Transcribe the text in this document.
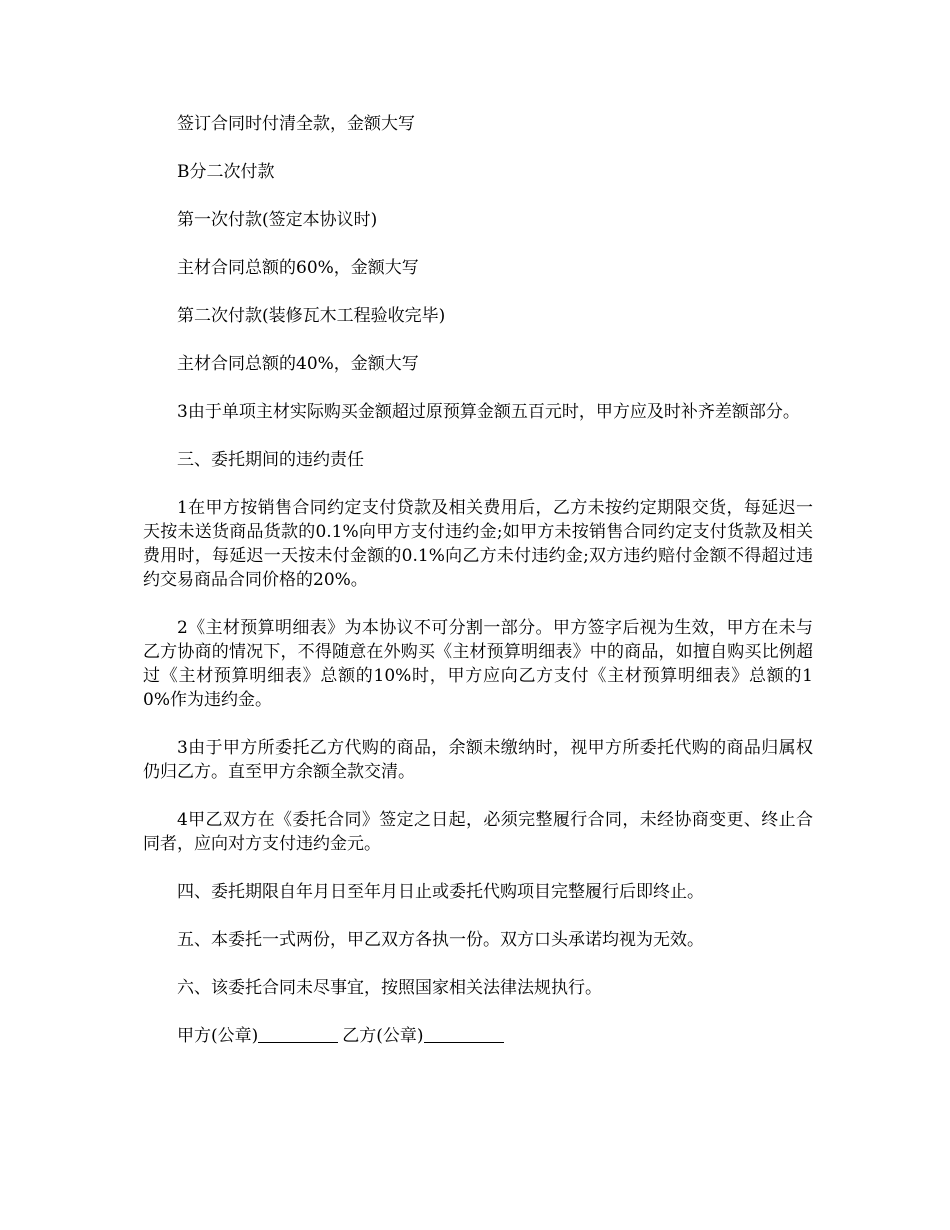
签订合同时付清全款，金额大写

B分二次付款

第一次付款(签定本协议时)

主材合同总额的60%，金额大写

第二次付款(装修瓦木工程验收完毕)

主材合同总额的40%，金额大写

3由于单项主材实际购买金额超过原预算金额五百元时，甲方应及时补齐差额部分。

三、委托期间的违约责任

1在甲方按销售合同约定支付贷款及相关费用后，乙方未按约定期限交货，每延迟一天按未送货商品货款的0.1%向甲方支付违约金;如甲方未按销售合同约定支付货款及相关费用时，每延迟一天按未付金额的0.1%向乙方未付违约金;双方违约赔付金额不得超过违约交易商品合同价格的20%。

2《主材预算明细表》为本协议不可分割一部分。甲方签字后视为生效，甲方在未与乙方协商的情况下，不得随意在外购买《主材预算明细表》中的商品，如擅自购买比例超过《主材预算明细表》总额的10%时，甲方应向乙方支付《主材预算明细表》总额的10%作为违约金。

3由于甲方所委托乙方代购的商品，余额未缴纳时，视甲方所委托代购的商品归属权仍归乙方。直至甲方余额全款交清。

4甲乙双方在《委托合同》签定之日起，必须完整履行合同，未经协商变更、终止合同者，应向对方支付违约金元。

四、委托期限自年月日至年月日止或委托代购项目完整履行后即终止。

五、本委托一式两份，甲乙双方各执一份。双方口头承诺均视为无效。

六、该委托合同未尽事宜，按照国家相关法律法规执行。

甲方(公章)	乙方(公章)
